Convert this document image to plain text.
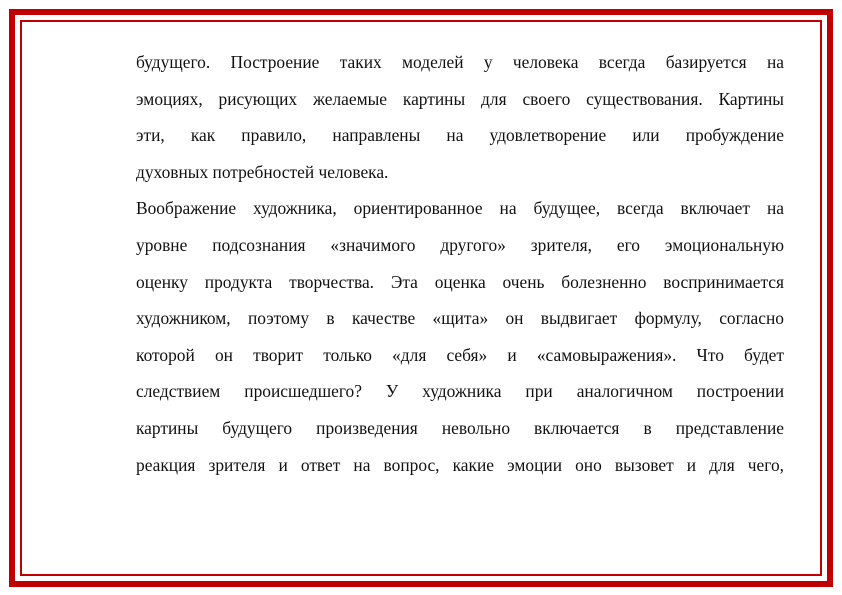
будущего. Построение таких моделей у человека всегда базируется на
эмоциях, рисующих желаемые картины для своего существования. Картины
эти, как правило, направлены на удовлетворение или пробуждение
духовных потребностей человека.
Воображение художника, ориентированное на будущее, всегда включает на
уровне подсознания «значимого другого» зрителя, его эмоциональную
оценку продукта творчества. Эта оценка очень болезненно воспринимается
художником, поэтому в качестве «щита» он выдвигает формулу, согласно
которой он творит только «для себя» и «самовыражения». Что будет
следствием происшедшего? У художника при аналогичном построении
картины будущего произведения невольно включается в представление
реакция зрителя и ответ на вопрос, какие эмоции оно вызовет и для чего,
